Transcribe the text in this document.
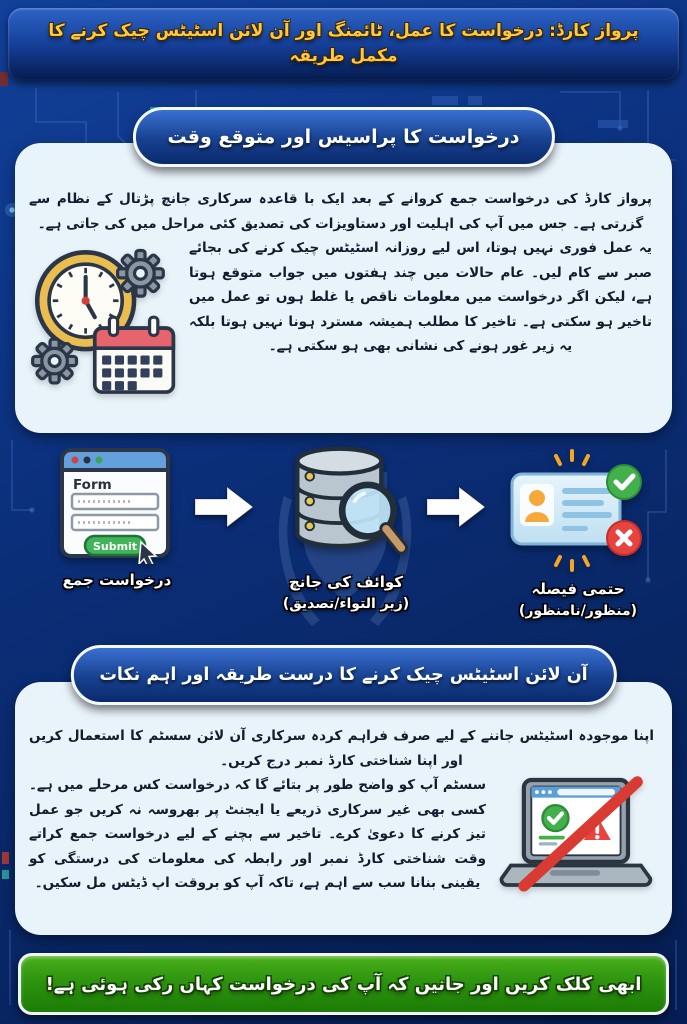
پرواز کارڈ: درخواست کا عمل، ٹائمنگ اور آن لائن اسٹیٹس چیک کرنے کا مکمل طریقہ
درخواست کا پراسیس اور متوقع وقت

پرواز کارڈ کی درخواست جمع کروانے کے بعد ایک با قاعدہ سرکاری جانچ پڑتال کے نظام سے گزرتی ہے۔ جس میں آپ کی اہلیت اور دستاویزات کی تصدیق کئی مراحل میں کی جاتی ہے۔

یہ عمل فوری نہیں ہوتا، اس لیے روزانہ اسٹیٹس چیک کرنے کی بجائے صبر سے کام لیں۔ عام حالات میں چند ہفتوں میں جواب متوقع ہوتا ہے، لیکن اگر درخواست میں معلومات ناقص یا غلط ہوں تو عمل میں تاخیر ہو سکتی ہے۔ تاخیر کا مطلب ہمیشہ مسترد ہونا نہیں ہوتا بلکہ یہ زیر غور ہونے کی نشانی بھی ہو سکتی ہے۔

Form
Submit
درخواست جمع	کوائف کی جانچ
(زیر التواء/تصدیق)
حتمی فیصلہ
(منظور/نامنظور)
آن لائن اسٹیٹس چیک کرنے کا درست طریقہ اور اہم نکات

اپنا موجودہ اسٹیٹس جاننے کے لیے صرف فراہم کردہ سرکاری آن لائن سسٹم کا استعمال کریں اور اپنا شناختی کارڈ نمبر درج کریں۔

سسٹم آپ کو واضح طور پر بتائے گا کہ درخواست کس مرحلے میں ہے۔ کسی بھی غیر سرکاری ذریعے یا ایجنٹ پر بھروسہ نہ کریں جو عمل تیز کرنے کا دعویٰ کرے۔ تاخیر سے بچنے کے لیے درخواست جمع کراتے وقت شناختی کارڈ نمبر اور رابطہ کی معلومات کی درستگی کو یقینی بنانا سب سے اہم ہے، تاکہ آپ کو بروقت اپ ڈیٹس مل سکیں۔

ابھی کلک کریں اور جانیں کہ آپ کی درخواست کہاں رکی ہوئی ہے!
